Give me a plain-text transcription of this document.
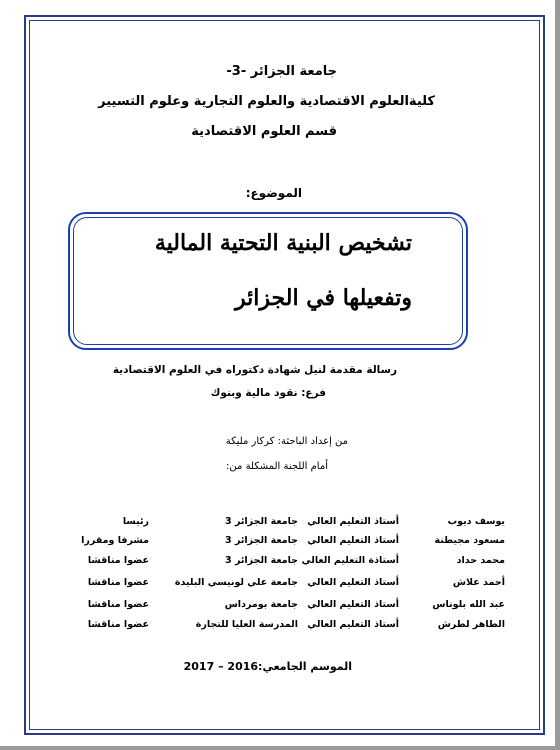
جامعة الجزائر -3-
كليةالعلوم الاقتصادية والعلوم التجارية وعلوم التسيير
قسم العلوم الاقتصادية
الموضوع:
تشخيص البنية التحتية المالية
وتفعيلها في الجزائر
رسالة مقدمة لنيل شهادة دكتوراه في العلوم الاقتصادية
فرع: نقود مالية وبنوك
من إعداد الباحثة: كركار مليكة
أمام اللجنة المشكلة من:
يوسف ديوب
أستاذ التعليم العالي
جامعة الجزائر 3
رئيسا
مسعود مجيطنة
أستاذ التعليم العالي
جامعة الجزائر 3
مشرفا ومقررا
محمد حداد
أستاذة التعليم العالي
جامعة الجزائر 3
عضوا مناقشا
أحمد علاش
أستاذ التعليم العالي
جامعة علي لونيسي البليدة
عضوا مناقشا
عبد الله بلوناس
أستاذ التعليم العالي
جامعة بومرداس
عضوا مناقشا
الطاهر لطرش
أستاذ التعليم العالي
المدرسة العليا للتجارة
عضوا مناقشا
الموسم الجامعي:2016 – 2017
